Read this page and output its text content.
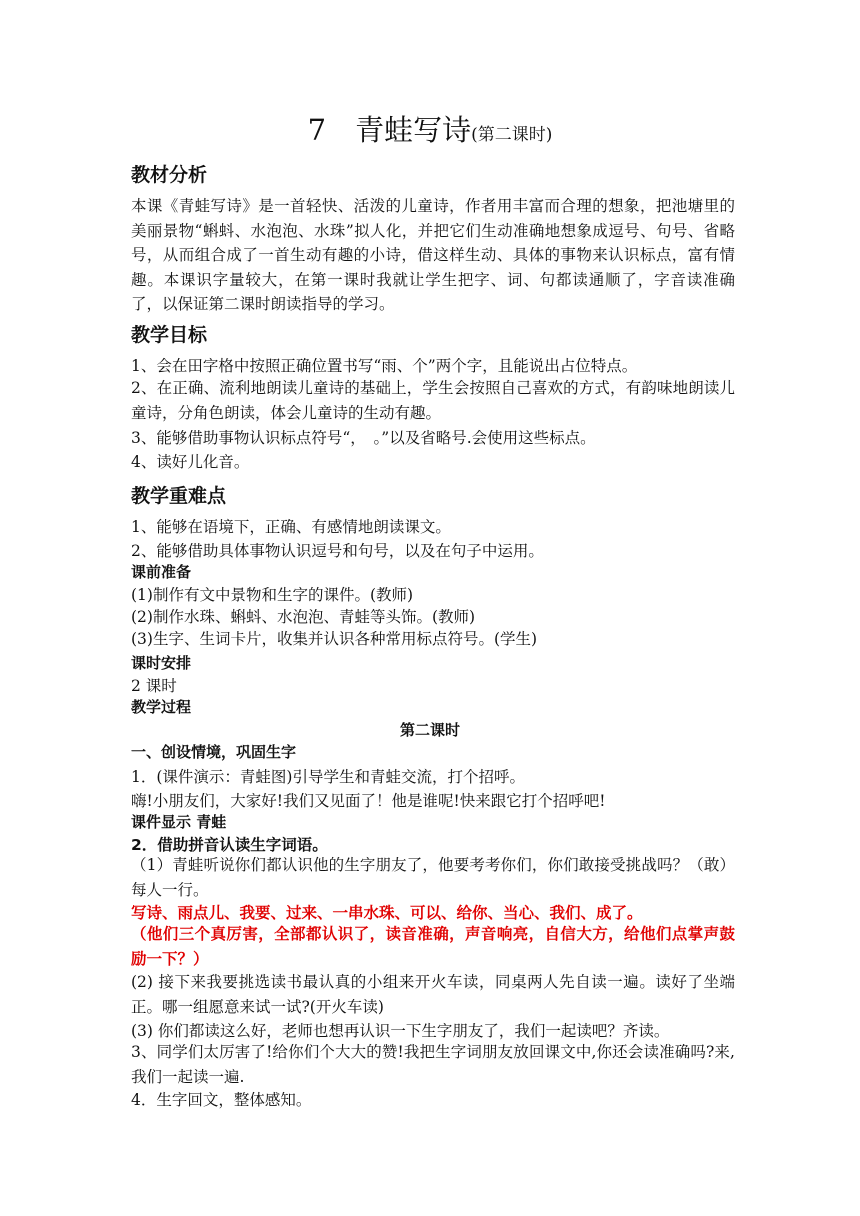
7　青蛙写诗(第二课时)
教材分析
本课《青蛙写诗》是一首轻快、活泼的儿童诗，作者用丰富而合理的想象，把池塘里的美丽景物“蝌蚪、水泡泡、水珠”拟人化，并把它们生动准确地想象成逗号、句号、省略号，从而组合成了一首生动有趣的小诗，借这样生动、具体的事物来认识标点，富有情趣。本课识字量较大，在第一课时我就让学生把字、词、句都读通顺了，字音读准确了，以保证第二课时朗读指导的学习。
教学目标
1、会在田字格中按照正确位置书写“雨、个”两个字，且能说出占位特点。
2、在正确、流利地朗读儿童诗的基础上，学生会按照自己喜欢的方式，有韵味地朗读儿童诗，分角色朗读，体会儿童诗的生动有趣。
3、能够借助事物认识标点符号“，　。”以及省略号.会使用这些标点。
4、读好儿化音。
教学重难点
1、能够在语境下，正确、有感情地朗读课文。
2、能够借助具体事物认识逗号和句号，以及在句子中运用。
课前准备
(1)制作有文中景物和生字的课件。(教师)
(2)制作水珠、蝌蚪、水泡泡、青蛙等头饰。(教师)
(3)生字、生词卡片，收集并认识各种常用标点符号。(学生)
课时安排
2 课时
教学过程
第二课时
一、创设情境，巩固生字
1．(课件演示：青蛙图)引导学生和青蛙交流，打个招呼。
嗨!小朋友们，大家好!我们又见面了！他是谁呢!快来跟它打个招呼吧!
课件显示 青蛙
2．借助拼音认读生字词语。
（1）青蛙听说你们都认识他的生字朋友了，他要考考你们，你们敢接受挑战吗？（敢）每人一行。
写诗、雨点儿、我要、过来、一串水珠、可以、给你、当心、我们、成了。
（他们三个真厉害，全部都认识了，读音准确，声音响亮，自信大方，给他们点掌声鼓励一下？）
(2) 接下来我要挑选读书最认真的小组来开火车读，同桌两人先自读一遍。读好了坐端正。哪一组愿意来试一试?(开火车读)
(3) 你们都读这么好，老师也想再认识一下生字朋友了，我们一起读吧？齐读。
3、同学们太厉害了!给你们个大大的赞!我把生字词朋友放回课文中,你还会读准确吗?来,我们一起读一遍.
4．生字回文，整体感知。
